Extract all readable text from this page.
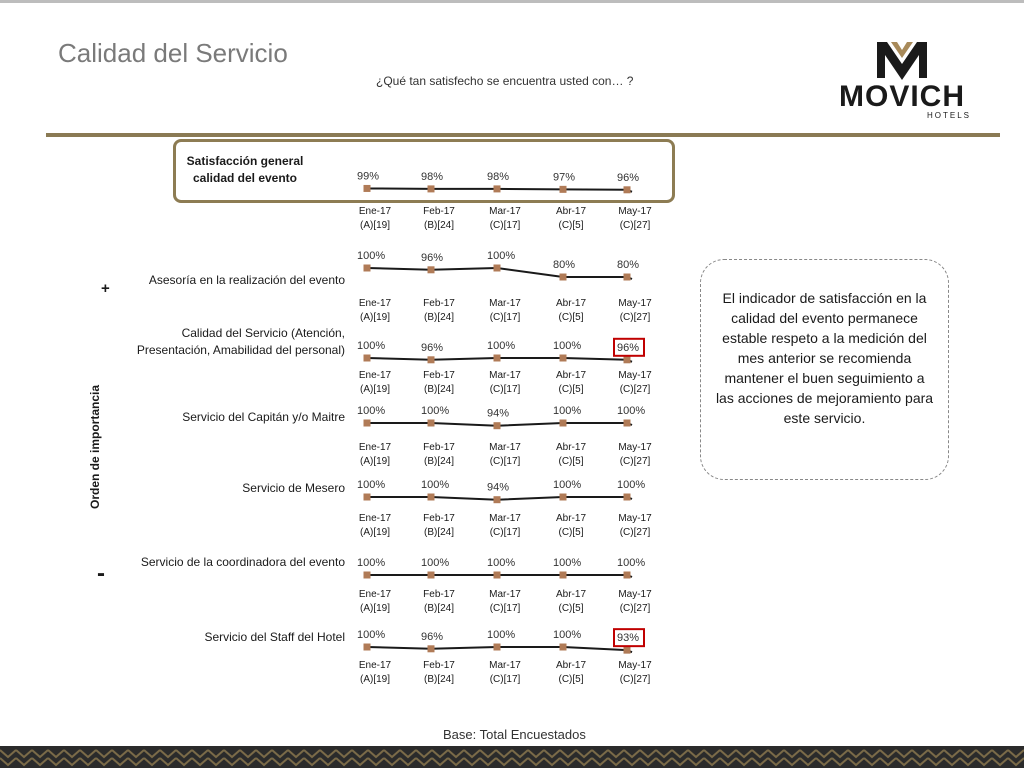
Calidad del Servicio
¿Qué tan satisfecho se encuentra usted con… ?	MOVICH
HOTELS
+
-
Orden de importancia
Satisfacción general
calidad del evento
Asesoría en la realización del evento
Calidad del Servicio (Atención,
Presentación, Amabilidad del personal)
Servicio del Capitán y/o Maitre
Servicio de Mesero
Servicio de la coordinadora del evento
Servicio del Staff del Hotel
99%
Ene-17
(A)[19]
98%
Feb-17
(B)[24]
98%
Mar-17
(C)[17]
97%
Abr-17
(C)[5]
96%
May-17
(C)[27]
100%
Ene-17
(A)[19]
96%
Feb-17
(B)[24]
100%
Mar-17
(C)[17]
80%
Abr-17
(C)[5]
80%
May-17
(C)[27]
100%
Ene-17
(A)[19]
96%
Feb-17
(B)[24]
100%
Mar-17
(C)[17]
100%
Abr-17
(C)[5]
96%
May-17
(C)[27]
100%
Ene-17
(A)[19]
100%
Feb-17
(B)[24]
94%
Mar-17
(C)[17]
100%
Abr-17
(C)[5]
100%
May-17
(C)[27]
100%
Ene-17
(A)[19]
100%
Feb-17
(B)[24]
94%
Mar-17
(C)[17]
100%
Abr-17
(C)[5]
100%
May-17
(C)[27]
100%
Ene-17
(A)[19]
100%
Feb-17
(B)[24]
100%
Mar-17
(C)[17]
100%
Abr-17
(C)[5]
100%
May-17
(C)[27]
100%
Ene-17
(A)[19]
96%
Feb-17
(B)[24]
100%
Mar-17
(C)[17]
100%
Abr-17
(C)[5]
93%
May-17
(C)[27]
El indicador de satisfacción en la calidad del evento permanece estable respeto a la medición del mes anterior se recomienda mantener el buen seguimiento a las acciones de mejoramiento para este servicio.
Base: Total Encuestados
